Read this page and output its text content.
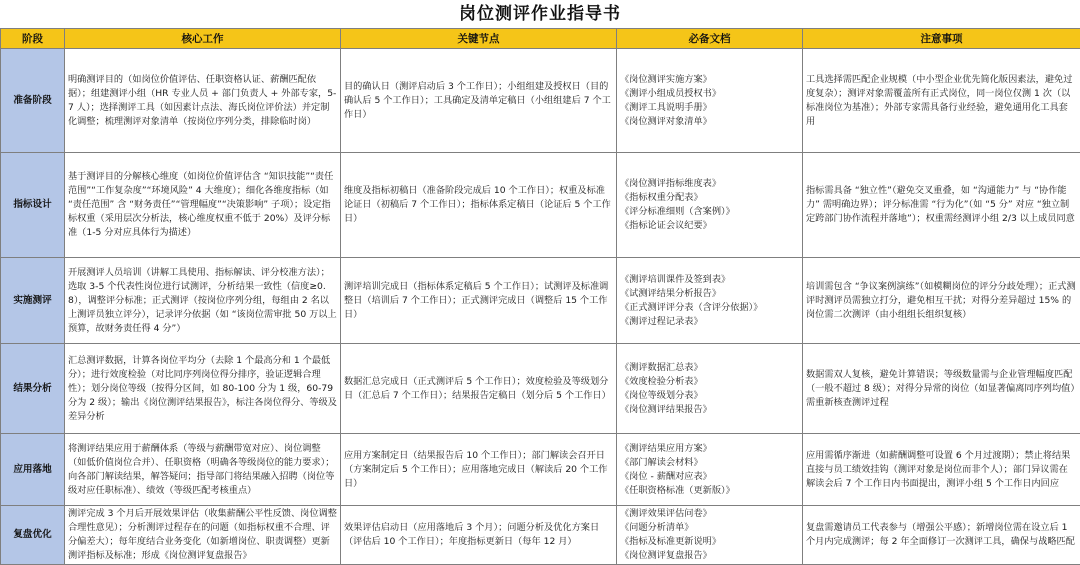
岗位测评作业指导书
阶段	核心工作	关键节点	必备文档	注意事项
准备阶段	明确测评目的（如岗位价值评估、任职资格认证、薪酬匹配依据）；组建测评小组（HR 专业人员 + 部门负责人 + 外部专家，5-7 人）；选择测评工具（如因素计点法、海氏岗位评价法）并定制化调整；梳理测评对象清单（按岗位序列分类，排除临时岗）	目的确认日（测评启动后 3 个工作日）；小组组建及授权日（目的确认后 5 个工作日）；工具确定及清单定稿日（小组组建后 7 个工作日）	《岗位测评实施方案》
《测评小组成员授权书》
《测评工具说明手册》
《岗位测评对象清单》	工具选择需匹配企业规模（中小型企业优先简化版因素法，避免过度复杂）；测评对象需覆盖所有正式岗位，同一岗位仅测 1 次（以标准岗位为基准）；外部专家需具备行业经验，避免通用化工具套用

指标设计	基于测评目的分解核心维度（如岗位价值评估含 “知识技能”“责任范围”“工作复杂度”“环境风险” 4 大维度）；细化各维度指标（如 “责任范围” 含 “财务责任”“管理幅度”“决策影响” 子项）；设定指标权重（采用层次分析法，核心维度权重不低于 20%）及评分标准（1-5 分对应具体行为描述）	维度及指标初稿日（准备阶段完成后 10 个工作日）；权重及标准论证日（初稿后 7 个工作日）；指标体系定稿日（论证后 5 个工作日）	《岗位测评指标维度表》
《指标权重分配表》
《评分标准细则（含案例）》
《指标论证会议纪要》	指标需具备 “独立性”（避免交叉重叠，如 “沟通能力” 与 “协作能力” 需明确边界）；评分标准需 “行为化”（如 “5 分” 对应 “独立制定跨部门协作流程并落地”）；权重需经测评小组 2/3 以上成员同意

实施测评	开展测评人员培训（讲解工具使用、指标解读、评分校准方法）；选取 3-5 个代表性岗位进行试测评，分析结果一致性（信度≥0.8），调整评分标准；正式测评（按岗位序列分组，每组由 2 名以上测评员独立评分），记录评分依据（如 “该岗位需审批 50 万以上预算，故财务责任得 4 分”）	测评培训完成日（指标体系定稿后 5 个工作日）；试测评及标准调整日（培训后 7 个工作日）；正式测评完成日（调整后 15 个工作日）	《测评培训课件及签到表》
《试测评结果分析报告》
《正式测评评分表（含评分依据）》
《测评过程记录表》	培训需包含 “争议案例演练”（如模糊岗位的评分分歧处理）；正式测评时测评员需独立打分，避免相互干扰；对得分差异超过 15% 的岗位需二次测评（由小组组长组织复核）

结果分析	汇总测评数据，计算各岗位平均分（去除 1 个最高分和 1 个最低分）；进行效度检验（对比同序列岗位得分排序，验证逻辑合理性）；划分岗位等级（按得分区间，如 80-100 分为 1 级，60-79 分为 2 级）；输出《岗位测评结果报告》，标注各岗位得分、等级及差异分析	数据汇总完成日（正式测评后 5 个工作日）；效度检验及等级划分日（汇总后 7 个工作日）；结果报告定稿日（划分后 5 个工作日）	《测评数据汇总表》
《效度检验分析表》
《岗位等级划分表》
《岗位测评结果报告》	数据需双人复核，避免计算错误；等级数量需与企业管理幅度匹配（一般不超过 8 级）；对得分异常的岗位（如显著偏离同序列均值）需重新核查测评过程

应用落地	将测评结果应用于薪酬体系（等级与薪酬带宽对应）、岗位调整（如低价值岗位合并）、任职资格（明确各等级岗位的能力要求）；向各部门解读结果，解答疑问；指导部门将结果融入招聘（岗位等级对应任职标准）、绩效（等级匹配考核重点）	应用方案制定日（结果报告后 10 个工作日）；部门解读会召开日（方案制定后 5 个工作日）；应用落地完成日（解读后 20 个工作日）	《测评结果应用方案》
《部门解读会材料》
《岗位 - 薪酬对应表》
《任职资格标准（更新版）》	应用需循序渐进（如薪酬调整可设置 6 个月过渡期）；禁止将结果直接与员工绩效挂钩（测评对象是岗位而非个人）；部门异议需在解读会后 7 个工作日内书面提出，测评小组 5 个工作日内回应

复盘优化	测评完成 3 个月后开展效果评估（收集薪酬公平性反馈、岗位调整合理性意见）；分析测评过程存在的问题（如指标权重不合理、评分偏差大）；每年度结合业务变化（如新增岗位、职责调整）更新测评指标及标准；形成《岗位测评复盘报告》	效果评估启动日（应用落地后 3 个月）；问题分析及优化方案日（评估后 10 个工作日）；年度指标更新日（每年 12 月）	《测评效果评估问卷》
《问题分析清单》
《指标及标准更新说明》
《岗位测评复盘报告》	复盘需邀请员工代表参与（增强公平感）；新增岗位需在设立后 1 个月内完成测评；每 2 年全面修订一次测评工具，确保与战略匹配
